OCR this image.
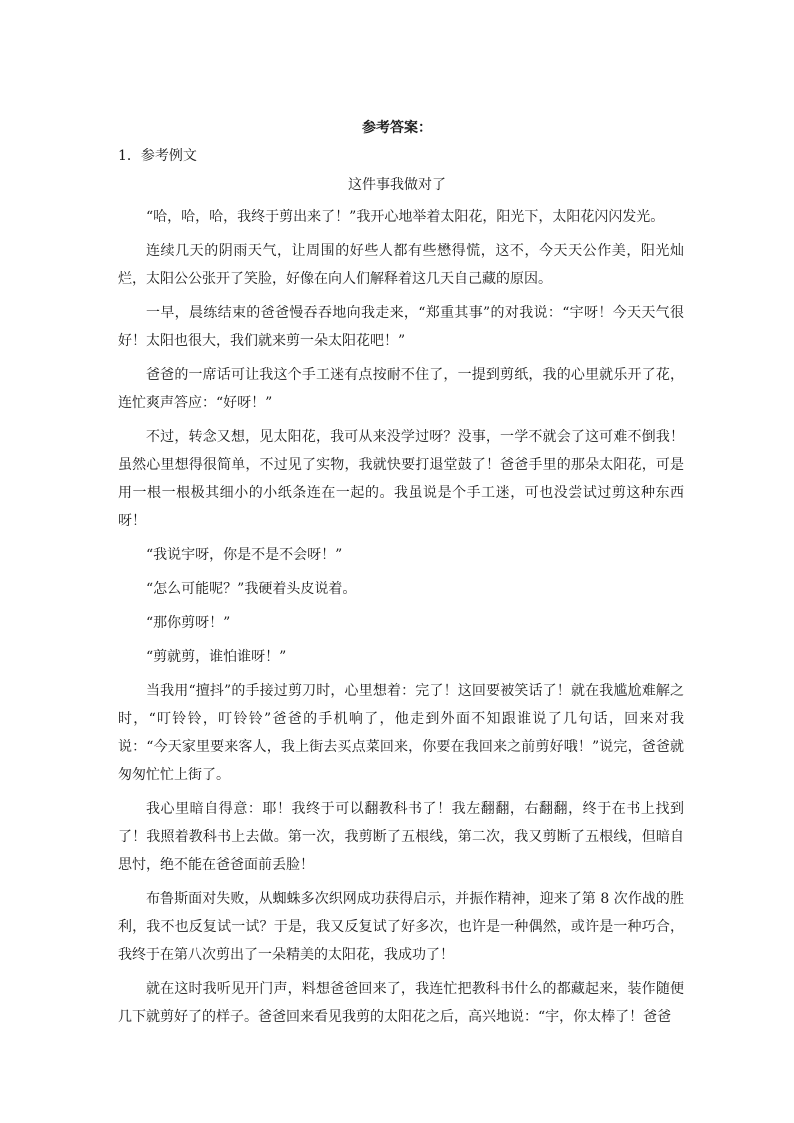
参考答案：
1．参考例文
这件事我做对了

“哈，哈，哈，我终于剪出来了！”我开心地举着太阳花，阳光下，太阳花闪闪发光。

连续几天的阴雨天气，让周围的好些人都有些懋得慌，这不，今天天公作美，阳光灿烂，太阳公公张开了笑脸，好像在向人们解释着这几天自己藏的原因。

一早，晨练结束的爸爸慢吞吞地向我走来，“郑重其事”的对我说：“宇呀！今天天气很好！太阳也很大，我们就来剪一朵太阳花吧！”

爸爸的一席话可让我这个手工迷有点按耐不住了，一提到剪纸，我的心里就乐开了花，连忙爽声答应：“好呀！”

不过，转念又想，见太阳花，我可从来没学过呀？没事，一学不就会了这可难不倒我！虽然心里想得很简单，不过见了实物，我就快要打退堂鼓了！爸爸手里的那朵太阳花，可是用一根一根极其细小的小纸条连在一起的。我虽说是个手工迷，可也没尝试过剪这种东西呀！

“我说宇呀，你是不是不会呀！”

“怎么可能呢？”我硬着头皮说着。

“那你剪呀！”

“剪就剪，谁怕谁呀！”

当我用“擅抖”的手接过剪刀时，心里想着：完了！这回要被笑话了！就在我尴尬难解之时，“叮铃铃，叮铃铃”爸爸的手机响了，他走到外面不知跟谁说了几句话，回来对我说：“今天家里要来客人，我上街去买点菜回来，你要在我回来之前剪好哦！”说完，爸爸就匆匆忙忙上街了。

我心里暗自得意：耶！我终于可以翻教科书了！我左翻翻，右翻翻，终于在书上找到了！我照着教科书上去做。第一次，我剪断了五根线，第二次，我又剪断了五根线，但暗自思忖，绝不能在爸爸面前丢脸！

布鲁斯面对失败，从蜘蛛多次织网成功获得启示，并振作精神，迎来了第 8 次作战的胜利，我不也反复试一试？于是，我又反复试了好多次，也许是一种偶然，或许是一种巧合，我终于在第八次剪出了一朵精美的太阳花，我成功了！

就在这时我听见开门声，料想爸爸回来了，我连忙把教科书什么的都藏起来，装作随便几下就剪好了的样子。爸爸回来看见我剪的太阳花之后，高兴地说：“宇，你太棒了！爸爸
